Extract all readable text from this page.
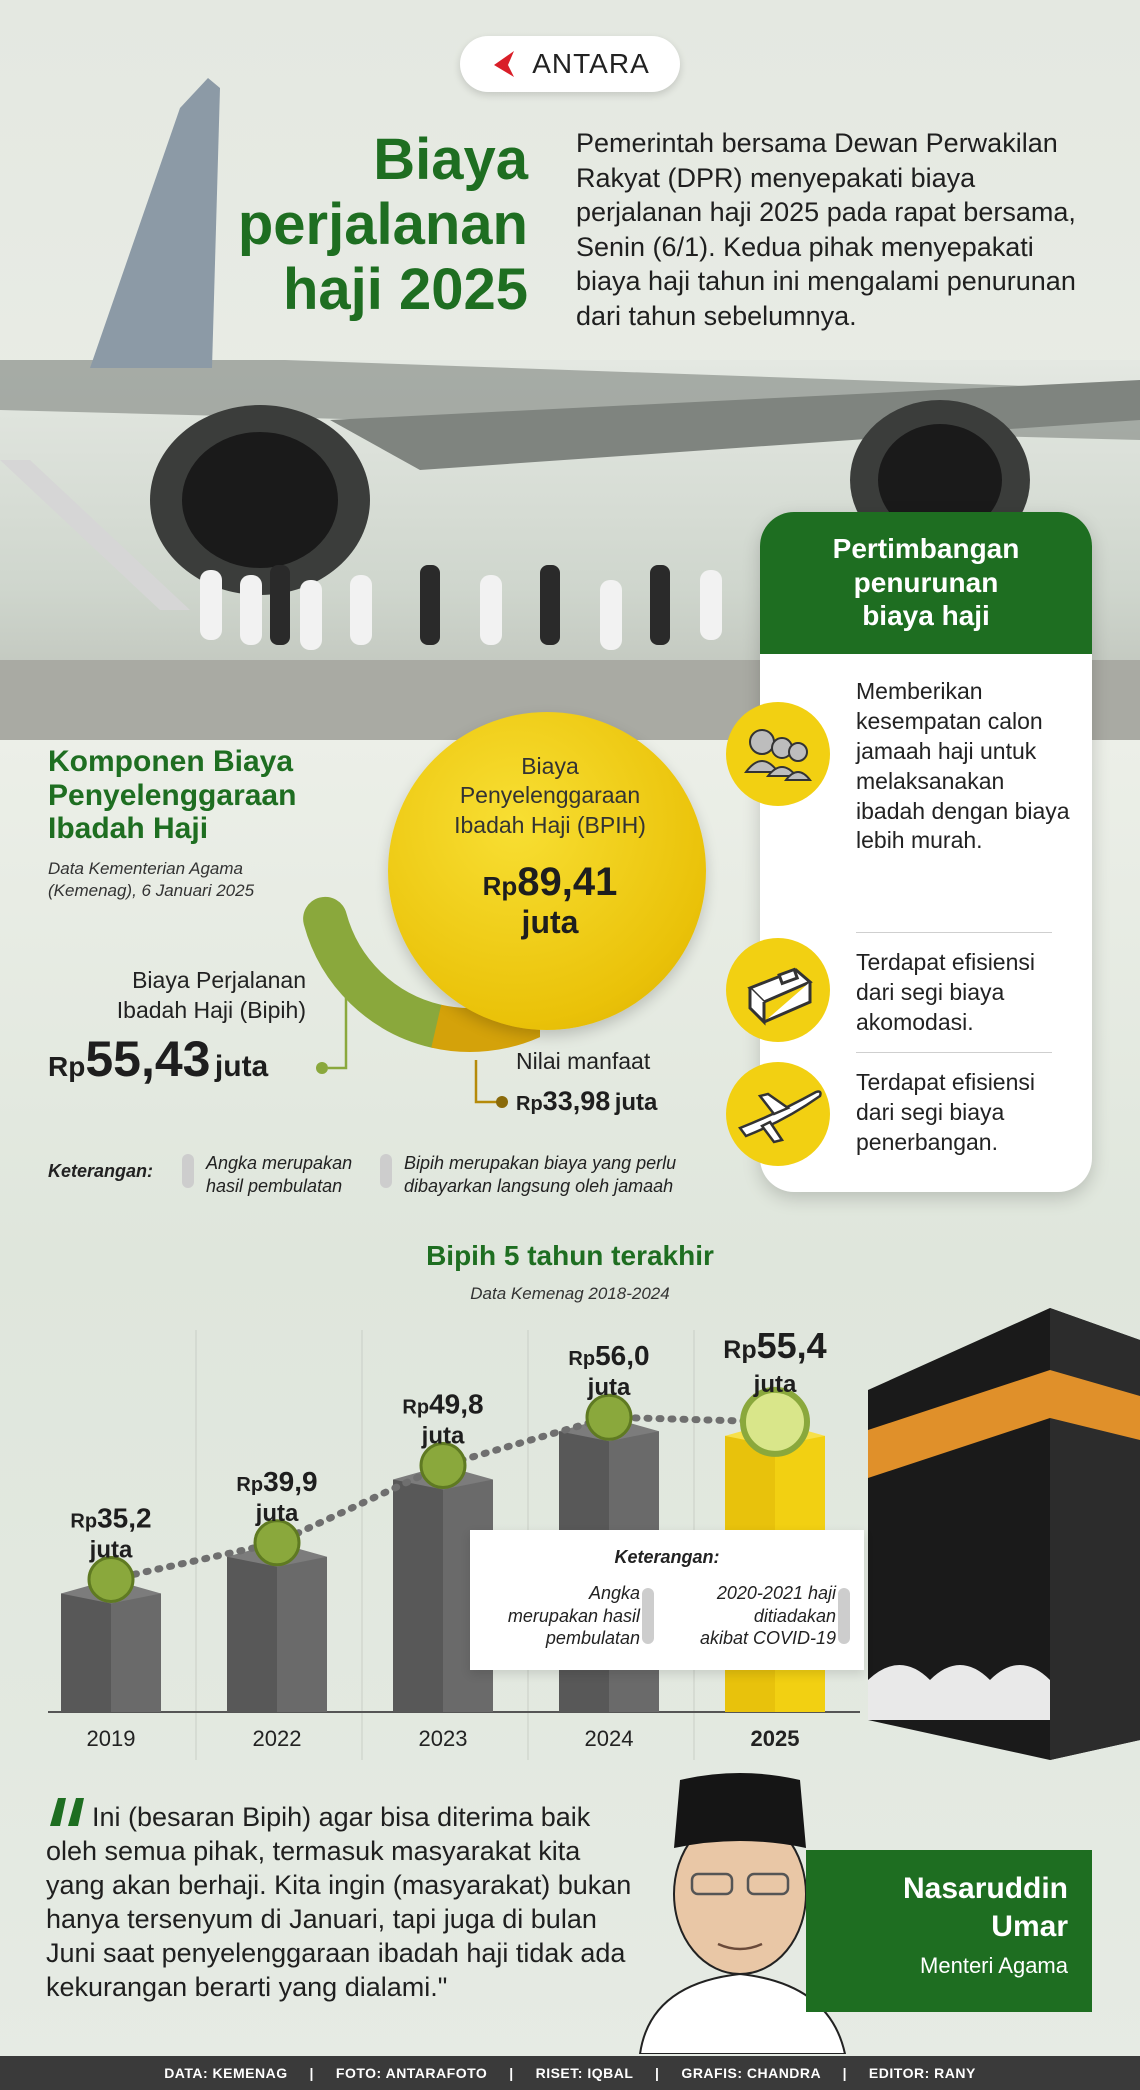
ANTARA
Biaya
perjalanan
haji 2025
Pemerintah bersama Dewan Perwakilan Rakyat (DPR) menyepakati biaya perjalanan haji 2025 pada rapat bersama, Senin (6/1). Kedua pihak menyepakati biaya haji tahun ini mengalami penurunan dari tahun sebelumnya.
Pertimbangan
penurunan
biaya haji
Memberikan kesempatan calon jamaah haji untuk melaksanakan ibadah dengan biaya lebih murah.
Terdapat efisiensi dari segi biaya akomodasi.
Terdapat efisiensi dari segi biaya penerbangan.
Komponen Biaya
Penyelenggaraan
Ibadah Haji
Data Kementerian Agama
(Kemenag), 6 Januari 2025
Biaya
Penyelenggaraan
Ibadah Haji (BPIH)
Rp89,41
juta
Biaya Perjalanan
Ibadah Haji (Bipih)
Rp55,43 juta	Nilai manfaat
Rp33,98 juta
Keterangan:	Angka merupakan
hasil pembulatan
Bipih merupakan biaya yang perlu
dibayarkan langsung oleh jamaah
Bipih 5 tahun terakhir
Data Kemenag 2018-2024
Rp35,2
juta
Rp39,9
juta
Rp49,8
juta
Rp56,0
juta
Rp55,4
juta
2019	2022	2023	2024	2025
Keterangan:
Angka
merupakan hasil
pembulatan
2020-2021 haji
ditiadakan
akibat COVID-19
Ini (besaran Bipih) agar bisa diterima baik oleh semua pihak, termasuk masyarakat kita yang akan berhaji. Kita ingin (masyarakat) bukan hanya tersenyum di Januari, tapi juga di bulan Juni saat penyelenggaraan ibadah haji tidak ada kekurangan berarti yang dialami."
Nasaruddin
Umar
Menteri Agama
DATA: KEMENAG     |     FOTO: ANTARAFOTO     |     RISET: IQBAL     |     GRAFIS: CHANDRA     |     EDITOR: RANY
